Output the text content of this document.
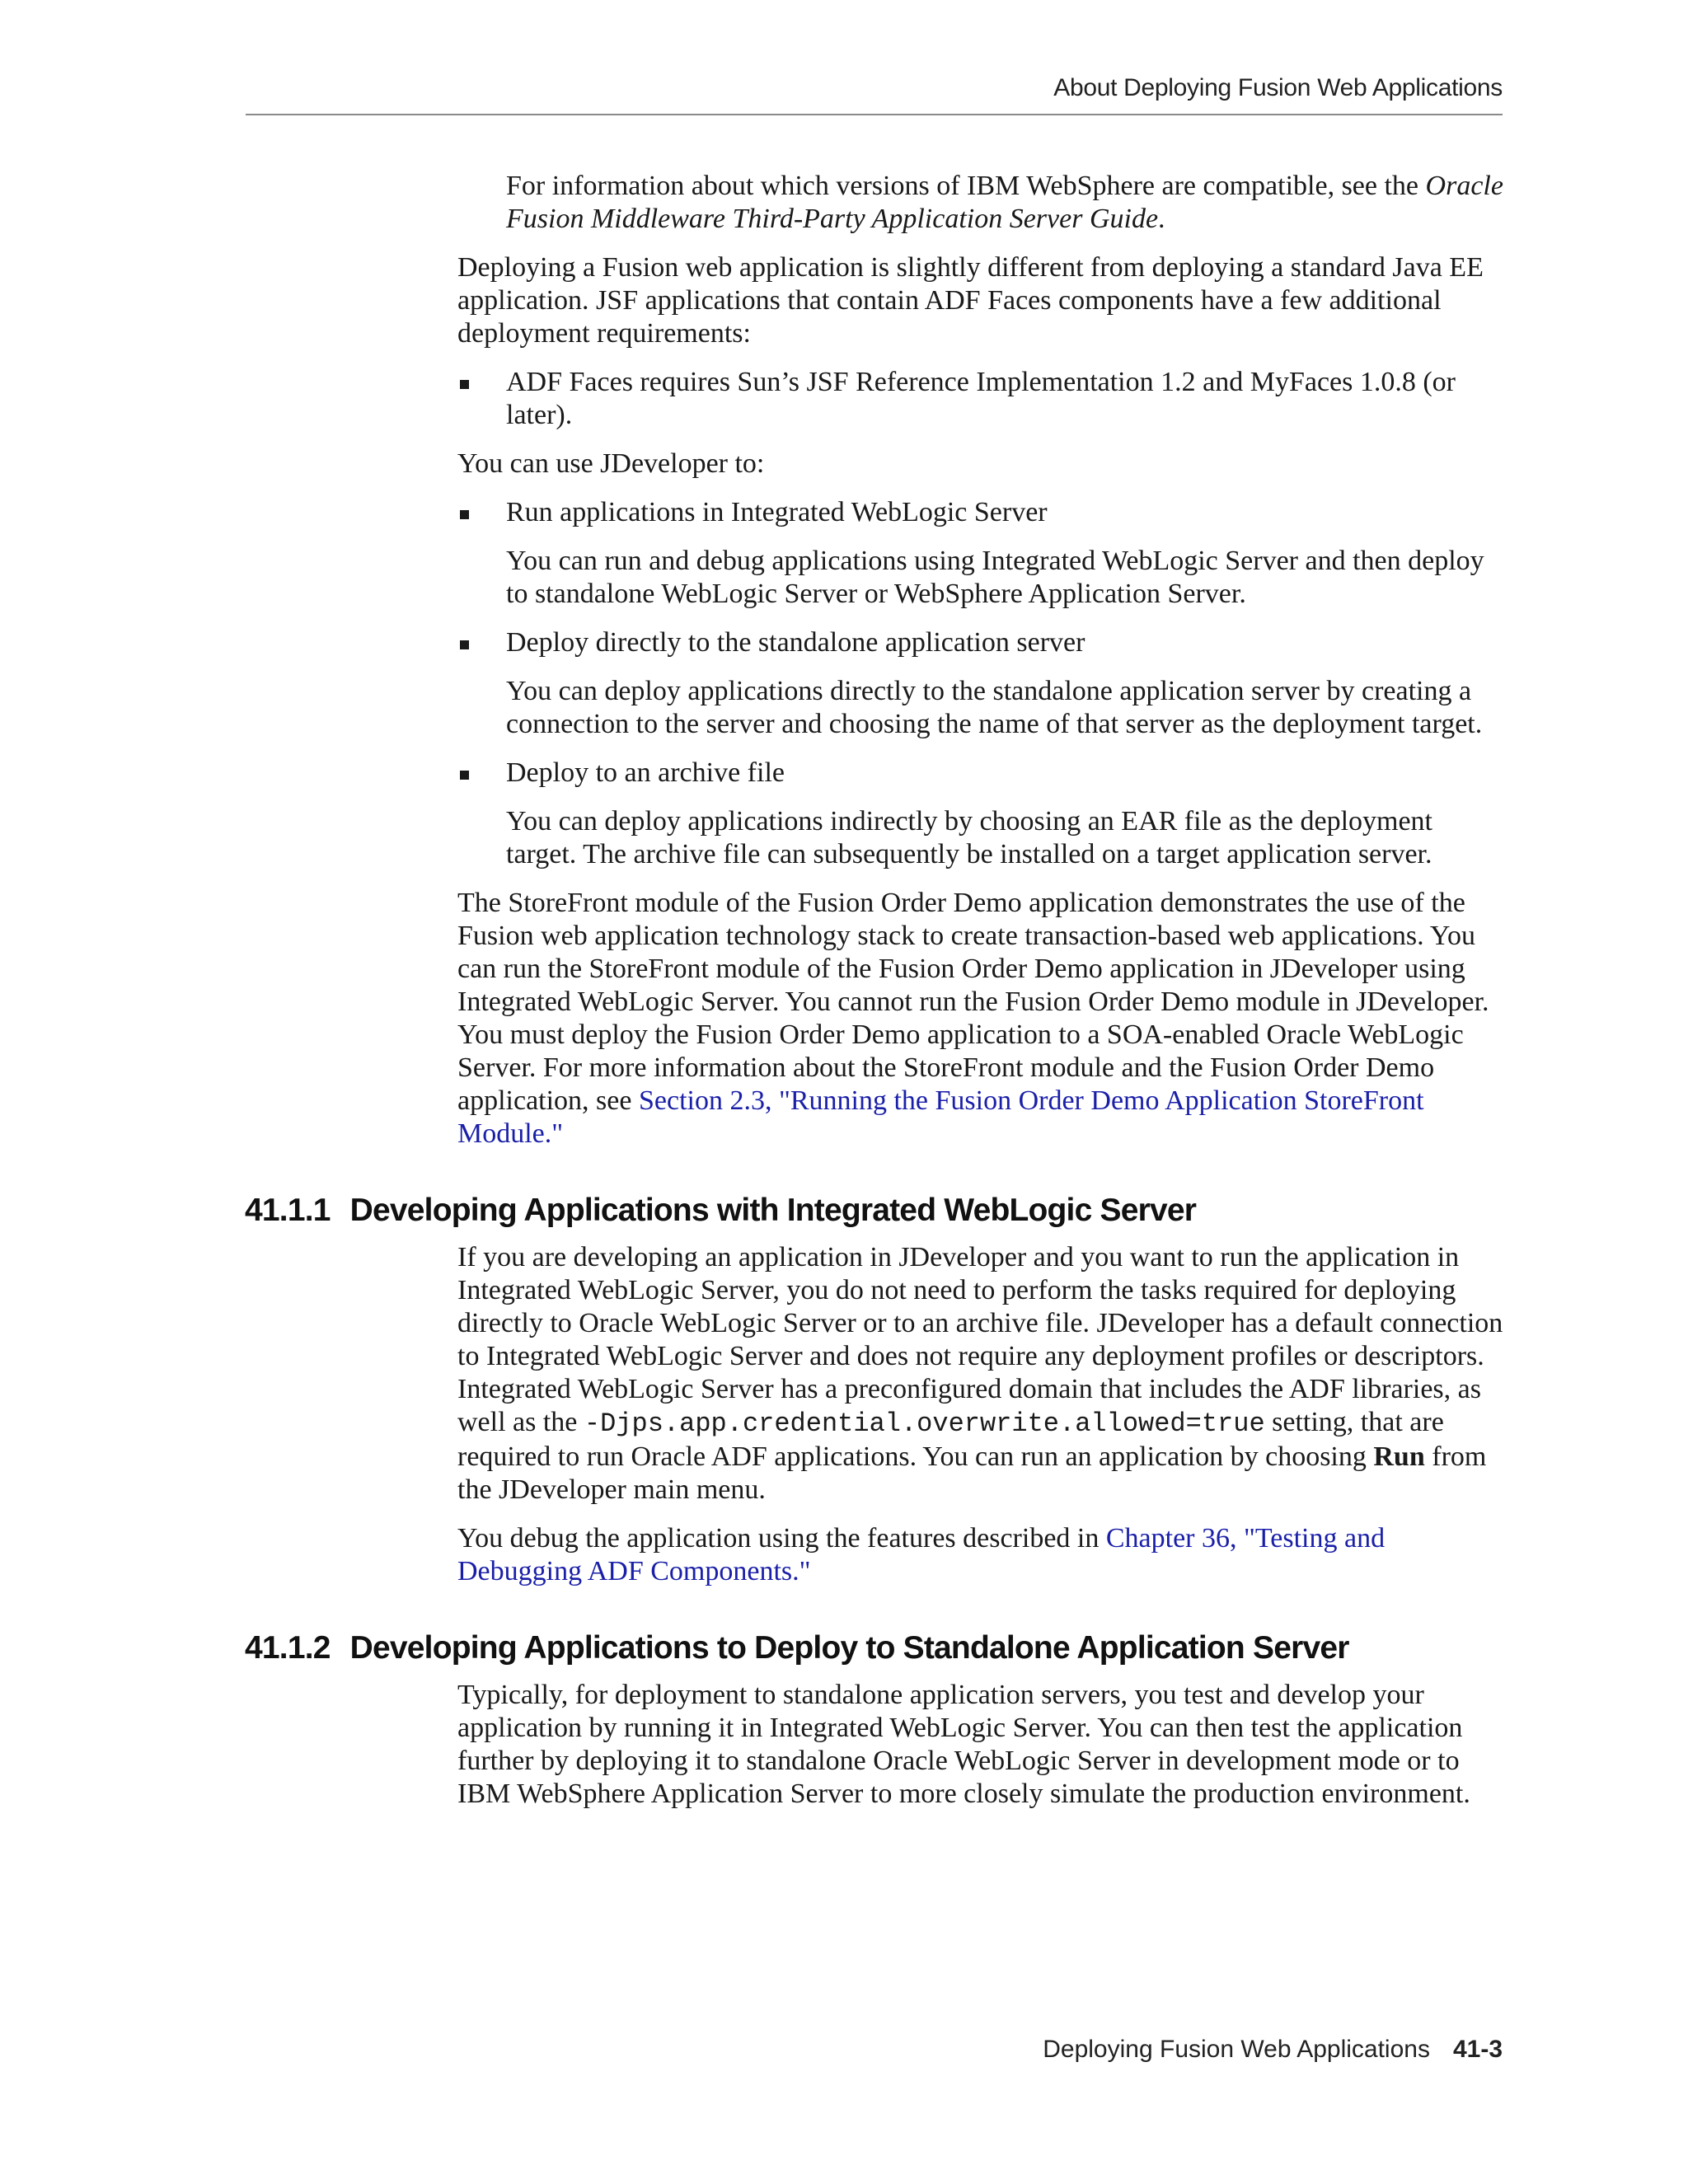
About Deploying Fusion Web Applications

For information about which versions of IBM WebSphere are compatible, see the Oracle Fusion Middleware Third-Party Application Server Guide.

Deploying a Fusion web application is slightly different from deploying a standard Java EE application. JSF applications that contain ADF Faces components have a few additional deployment requirements:

ADF Faces requires Sun’s JSF Reference Implementation 1.2 and MyFaces 1.0.8 (or later).

You can use JDeveloper to:

Run applications in Integrated WebLogic Server

You can run and debug applications using Integrated WebLogic Server and then deploy to standalone WebLogic Server or WebSphere Application Server.

Deploy directly to the standalone application server

You can deploy applications directly to the standalone application server by creating a connection to the server and choosing the name of that server as the deployment target.

Deploy to an archive file

You can deploy applications indirectly by choosing an EAR file as the deployment target. The archive file can subsequently be installed on a target application server.

The StoreFront module of the Fusion Order Demo application demonstrates the use of the Fusion web application technology stack to create transaction-based web applications. You can run the StoreFront module of the Fusion Order Demo application in JDeveloper using Integrated WebLogic Server. You cannot run the Fusion Order Demo module in JDeveloper. You must deploy the Fusion Order Demo application to a SOA-enabled Oracle WebLogic Server. For more information about the StoreFront module and the Fusion Order Demo application, see Section 2.3, "Running the Fusion Order Demo Application StoreFront Module."

41.1.1 Developing Applications with Integrated WebLogic Server

If you are developing an application in JDeveloper and you want to run the application in Integrated WebLogic Server, you do not need to perform the tasks required for deploying directly to Oracle WebLogic Server or to an archive file. JDeveloper has a default connection to Integrated WebLogic Server and does not require any deployment profiles or descriptors. Integrated WebLogic Server has a preconfigured domain that includes the ADF libraries, as well as the -Djps.app.credential.overwrite.allowed=true setting, that are required to run Oracle ADF applications. You can run an application by choosing Run from the JDeveloper main menu.

You debug the application using the features described in Chapter 36, "Testing and Debugging ADF Components."

41.1.2 Developing Applications to Deploy to Standalone Application Server

Typically, for deployment to standalone application servers, you test and develop your application by running it in Integrated WebLogic Server. You can then test the application further by deploying it to standalone Oracle WebLogic Server in development mode or to IBM WebSphere Application Server to more closely simulate the production environment.

Deploying Fusion Web Applications 41-3
